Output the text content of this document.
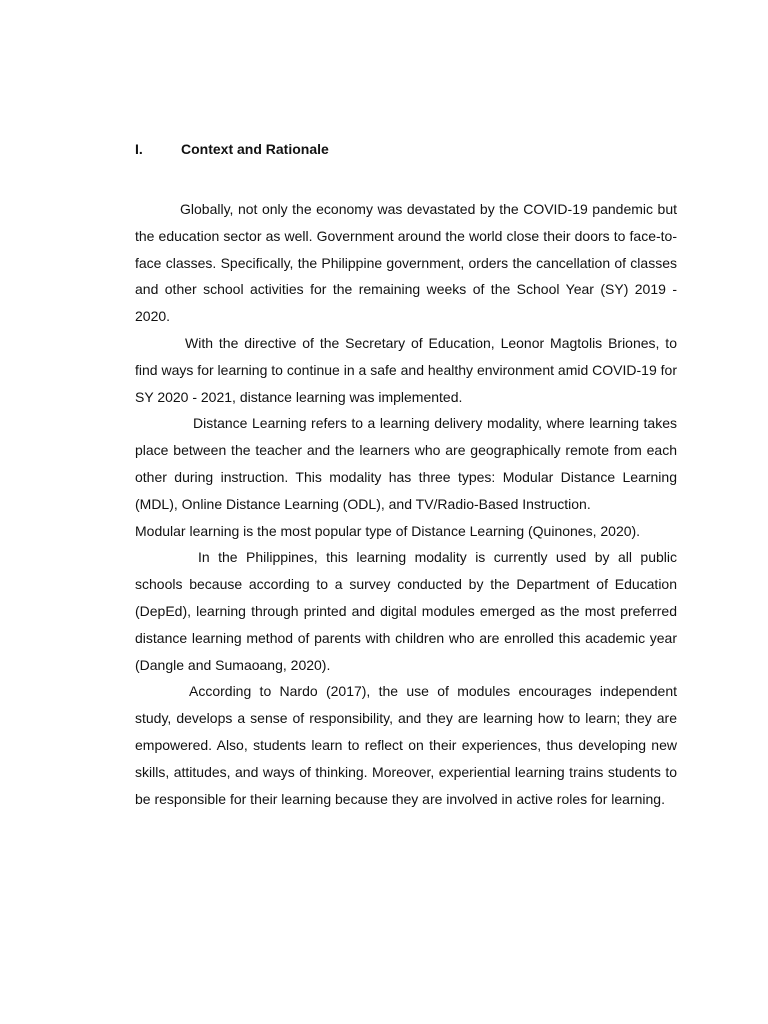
I.	Context and Rationale

Globally, not only the economy was devastated by the COVID-19 pandemic but the education sector as well. Government around the world close their doors to face-to-face classes. Specifically, the Philippine government, orders the cancellation of classes and other school activities for the remaining weeks of the School Year (SY) 2019 - 2020.

With the directive of the Secretary of Education, Leonor Magtolis Briones, to find ways for learning to continue in a safe and healthy environment amid COVID-19 for SY 2020 - 2021, distance learning was implemented.

Distance Learning refers to a learning delivery modality, where learning takes place between the teacher and the learners who are geographically remote from each other during instruction. This modality has three types: Modular Distance Learning (MDL), Online Distance Learning (ODL), and TV/Radio-Based Instruction.

Modular learning is the most popular type of Distance Learning (Quinones, 2020).

In the Philippines, this learning modality is currently used by all public schools because according to a survey conducted by the Department of Education (DepEd), learning through printed and digital modules emerged as the most preferred distance learning method of parents with children who are enrolled this academic year (Dangle and Sumaoang, 2020).

According to Nardo (2017), the use of modules encourages independent study, develops a sense of responsibility, and they are learning how to learn; they are empowered. Also, students learn to reflect on their experiences, thus developing new skills, attitudes, and ways of thinking. Moreover, experiential learning trains students to be responsible for their learning because they are involved in active roles for learning.
